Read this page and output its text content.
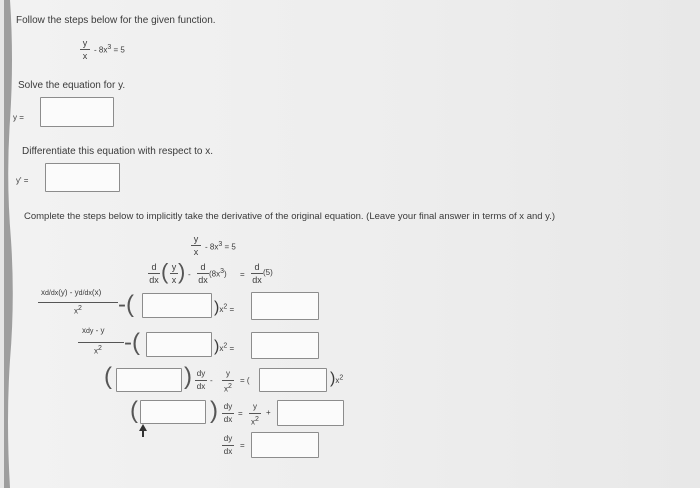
Follow the steps below for the given function.
y
x
- $8x^3 = 5$
Solve the equation for y.
y =
Differentiate this equation with respect to x.
y' =
Complete the steps below to implicitly take the derivative of the original equation. (Leave your final answer in terms of x and y.)
y
$x - 8x^3 = 5$
d
dx ( y
x ) -
d
dx
$(8x^3)$ =
d
dx
(5)
xd/dx(y) - yd/dx(x)
$x^2$ -(	)$x^2$ =
xdy - y
$x^2$ -(	)$x^2$ =
(	) dy
dx
-
y
$x^2$
= (	)$x^2$
(	) dy
dx
=
y
$x^2$
+
dy
dx
=
